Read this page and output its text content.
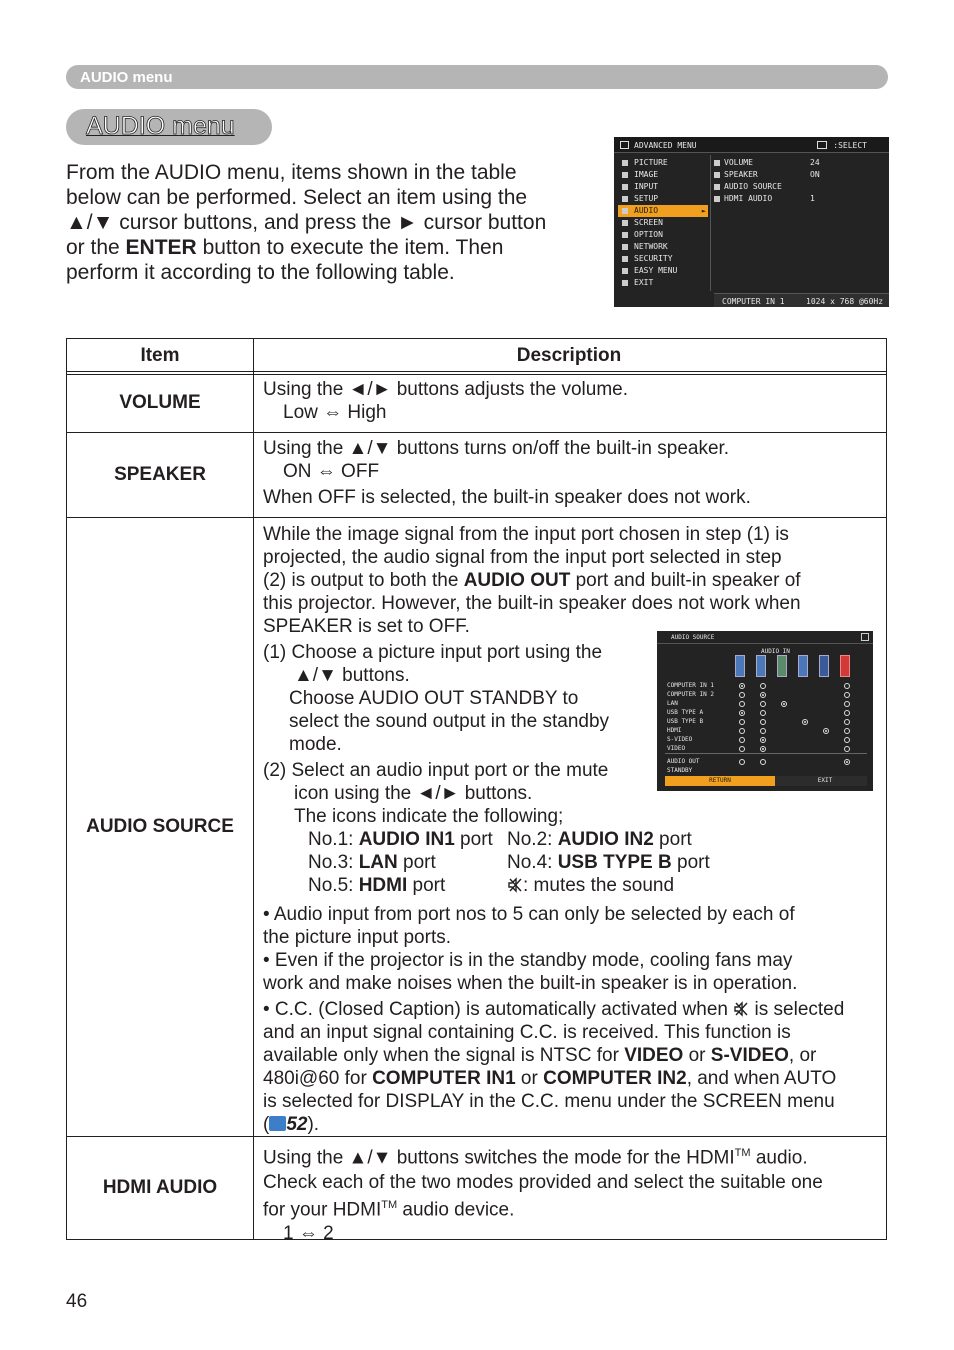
AUDIO menu
AUDIO menu

From the AUDIO menu, items shown in the table

below can be performed. Select an item using the

▲/▼ cursor buttons, and press the ► cursor button

or the ENTER button to execute the item. Then

perform it according to the following table.

ADVANCED MENU	:SELECT
PICTURE
IMAGE
INPUT
SETUP
AUDIO	►
SCREEN
OPTION
NETWORK
SECURITY
EASY MENU
EXIT
VOLUME	24
SPEAKER	ON
AUDIO SOURCE
HDMI AUDIO	1
COMPUTER IN 1	1024 x 768 @60Hz
Item	Description
VOLUME

Using the ◄/► buttons adjusts the volume.

Low ⇔ High

SPEAKER

Using the ▲/▼ buttons turns on/off the built-in speaker.

ON ⇔ OFF

When OFF is selected, the built-in speaker does not work.

AUDIO SOURCE

While the image signal from the input port chosen in step (1) is

projected, the audio signal from the input port selected in step

(2) is output to both the AUDIO OUT port and built-in speaker of

this projector. However, the built-in speaker does not work when

SPEAKER is set to OFF.

(1) Choose a picture input port using the

▲/▼ buttons.

Choose AUDIO OUT STANDBY to

select the sound output in the standby

mode.

(2) Select an audio input port or the mute

icon using the ◄/► buttons.

The icons indicate the following;

No.1: AUDIO IN1 port No.2: AUDIO IN2 port
No.3: LAN port	No.4: USB TYPE B port
No.5: HDMI port	: mutes the sound

• Audio input from port nos to 5 can only be selected by each of

the picture input ports.

• Even if the projector is in the standby mode, cooling fans may

work and make noises when the built-in speaker is in operation.

• C.C. (Closed Caption) is automatically activated when  is selected

and an input signal containing C.C. is received. This function is

available only when the signal is NTSC for VIDEO or S-VIDEO, or

480i@60 for COMPUTER IN1 or COMPUTER IN2, and when AUTO

is selected for DISPLAY in the C.C. menu under the SCREEN menu

( 52).

HDMI AUDIO

Using the ▲/▼ buttons switches the mode for the HDMI™ audio.

Check each of the two modes provided and select the suitable one

for your HDMI™ audio device.

1 ⇔ 2

AUDIO SOURCE
AUDIO IN
COMPUTER IN 1
COMPUTER IN 2
LAN
USB TYPE A
USB TYPE B
HDMI
S-VIDEO
VIDEO
AUDIO OUT
STANDBY
RETURN	EXIT
46
